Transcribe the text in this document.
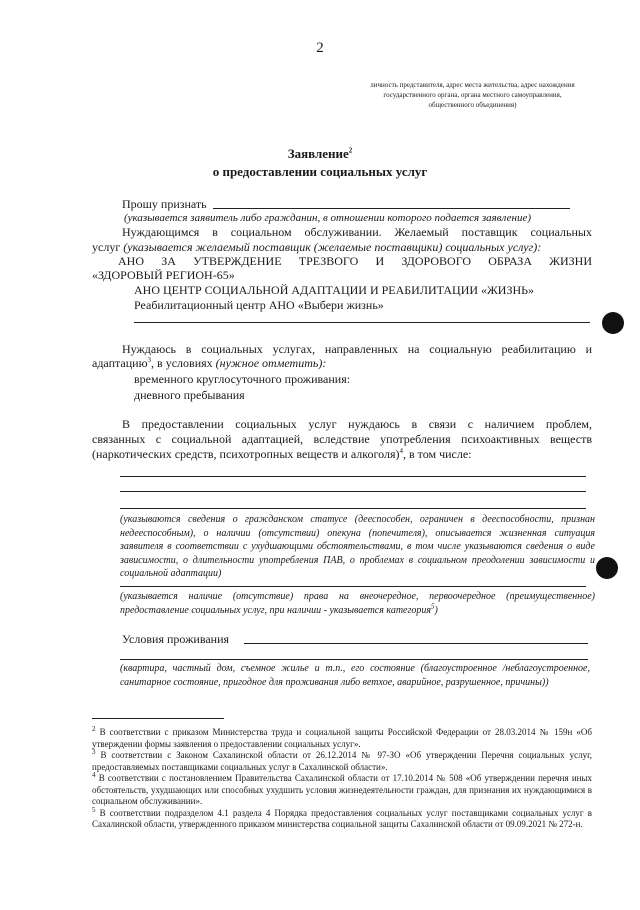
2
личность представителя, адрес места жительства, адрес нахождения государственного органа, органа местного самоуправления, общественного объединения)
Заявление$^2$
о предоставлении социальных услуг
Прошу признать
(указывается заявитель либо гражданин, в отношении которого подается заявление)
Нуждающимся в социальном обслуживании. Желаемый поставщик социальных
услуг (указывается желаемый поставщик (желаемые поставщики) социальных услуг):
АНО ЗА УТВЕРЖДЕНИЕ ТРЕЗВОГО И ЗДОРОВОГО ОБРАЗА ЖИЗНИ
«ЗДОРОВЫЙ РЕГИОН-65»
АНО ЦЕНТР СОЦИАЛЬНОЙ АДАПТАЦИИ И РЕАБИЛИТАЦИИ «ЖИЗНЬ»
Реабилитационный центр АНО «Выбери жизнь»
Нуждаюсь в социальных услугах, направленных на социальную реабилитацию и
адаптацию$^3$, в условиях (нужное отметить):
временного круглосуточного проживания:
дневного пребывания
В предоставлении социальных услуг нуждаюсь в связи с наличием проблем,
связанных с социальной адаптацией, вследствие употребления психоактивных веществ
(наркотических средств, психотропных веществ и алкоголя)$^4$, в том числе:
(указываются сведения о гражданском статусе (дееспособен, ограничен в дееспособности, признан недееспособным), о наличии (отсутствии) опекуна (попечителя), описывается жизненная ситуация заявителя в соответствии с ухудшающими обстоятельствами, в том числе указываются сведения о виде зависимости, о длительности употребления ПАВ, о проблемах в социальном преодолении зависимости и социальной адаптации)
(указывается наличие (отсутствие) права на внеочередное, первоочередное (преимущественное) предоставление социальных услуг, при наличии - указывается категория$^5$)
Условия проживания
(квартира, частный дом, съемное жилье и т.п., его состояние (благоустроенное /неблагоустроенное, санитарное состояние, пригодное для проживания либо ветхое, аварийное, разрушенное, причины))
$^2$ В соответствии с приказом Министерства труда и социальной защиты Российской Федерации от 28.03.2014 № 159н «Об утверждении формы заявления о предоставлении социальных услуг».
$^3$ В соответствии с Законом Сахалинской области от 26.12.2014 № 97-ЗО «Об утверждении Перечня социальных услуг, предоставляемых поставщиками социальных услуг в Сахалинской области».
$^4$ В соответствии с постановлением Правительства Сахалинской области от 17.10.2014 № 508 «Об утверждении перечня иных обстоятельств, ухудшающих или способных ухудшить условия жизнедеятельности граждан, для признания их нуждающимися в социальном обслуживании».
$^5$ В соответствии подразделом 4.1 раздела 4 Порядка предоставления социальных услуг поставщиками социальных услуг в Сахалинской области, утвержденного приказом министерства социальной защиты Сахалинской области от 09.09.2021 № 272-н.
